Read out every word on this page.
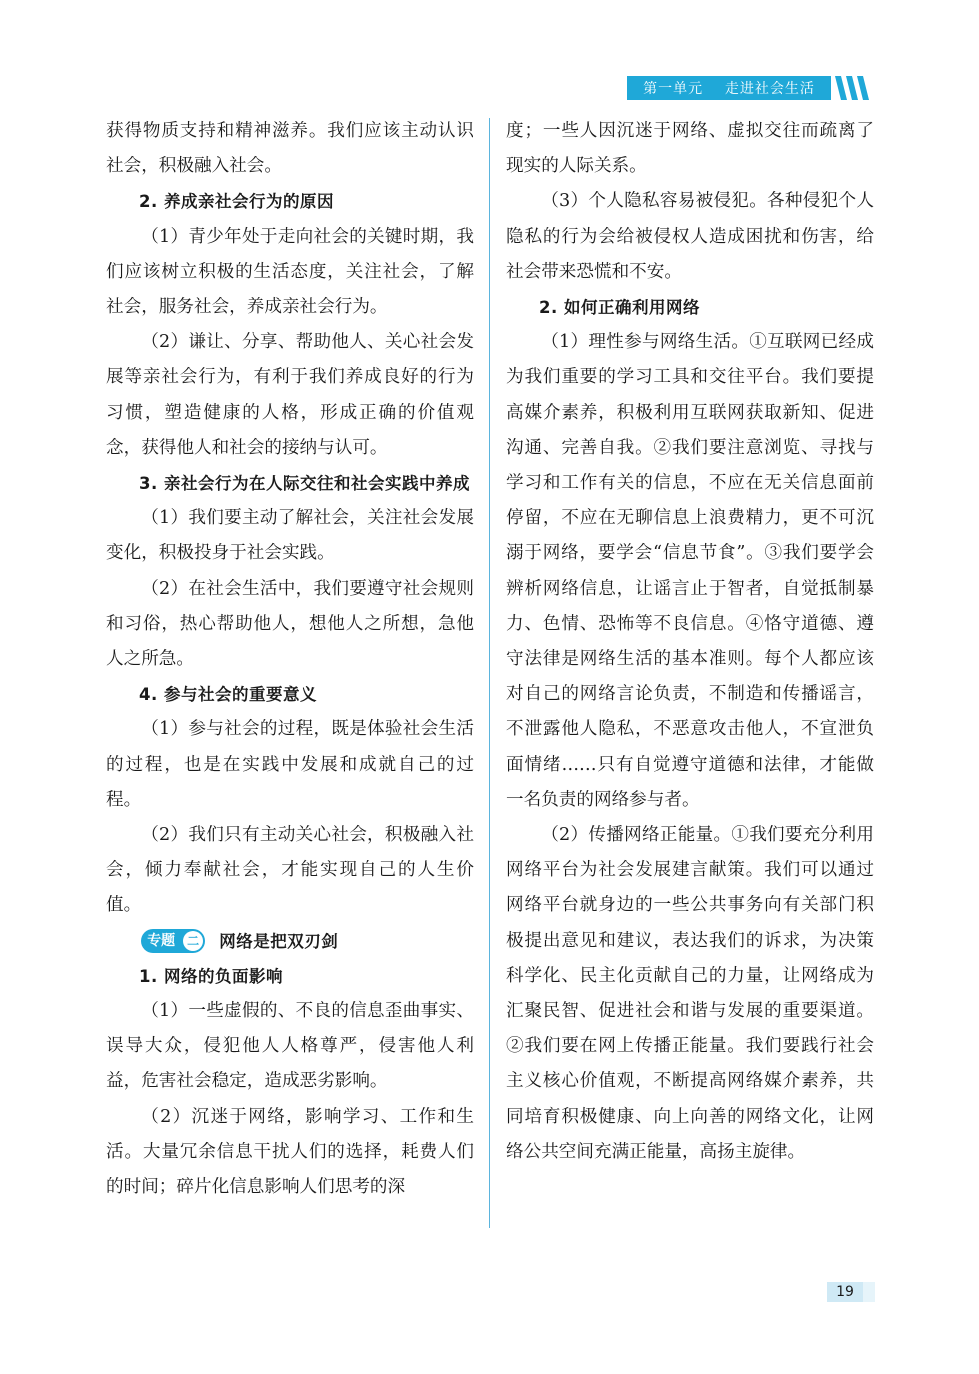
第一单元    走进社会生活

获得物质支持和精神滋养。我们应该主动认识社会，积极融入社会。

2. 养成亲社会行为的原因

（1）青少年处于走向社会的关键时期，我们应该树立积极的生活态度，关注社会，了解社会，服务社会，养成亲社会行为。

（2）谦让、分享、帮助他人、关心社会发展等亲社会行为，有利于我们养成良好的行为习惯，塑造健康的人格，形成正确的价值观念，获得他人和社会的接纳与认可。

3. 亲社会行为在人际交往和社会实践中养成

（1）我们要主动了解社会，关注社会发展变化，积极投身于社会实践。

（2）在社会生活中，我们要遵守社会规则和习俗，热心帮助他人，想他人之所想，急他人之所急。

4. 参与社会的重要意义

（1）参与社会的过程，既是体验社会生活的过程，也是在实践中发展和成就自己的过程。

（2）我们只有主动关心社会，积极融入社会，倾力奉献社会，才能实现自己的人生价值。

专题 二 网络是把双刃剑

1. 网络的负面影响

（1）一些虚假的、不良的信息歪曲事实、误导大众，侵犯他人人格尊严，侵害他人利益，危害社会稳定，造成恶劣影响。

（2）沉迷于网络，影响学习、工作和生活。大量冗余信息干扰人们的选择，耗费人们的时间；碎片化信息影响人们思考的深

度；一些人因沉迷于网络、虚拟交往而疏离了现实的人际关系。

（3）个人隐私容易被侵犯。各种侵犯个人隐私的行为会给被侵权人造成困扰和伤害，给社会带来恐慌和不安。

2. 如何正确利用网络

（1）理性参与网络生活。①互联网已经成为我们重要的学习工具和交往平台。我们要提高媒介素养，积极利用互联网获取新知、促进沟通、完善自我。②我们要注意浏览、寻找与学习和工作有关的信息，不应在无关信息面前停留，不应在无聊信息上浪费精力，更不可沉溺于网络，要学会“信息节食”。③我们要学会辨析网络信息，让谣言止于智者，自觉抵制暴力、色情、恐怖等不良信息。④恪守道德、遵守法律是网络生活的基本准则。每个人都应该对自己的网络言论负责，不制造和传播谣言，不泄露他人隐私，不恶意攻击他人，不宣泄负面情绪……只有自觉遵守道德和法律，才能做一名负责的网络参与者。

（2）传播网络正能量。①我们要充分利用网络平台为社会发展建言献策。我们可以通过网络平台就身边的一些公共事务向有关部门积极提出意见和建议，表达我们的诉求，为决策科学化、民主化贡献自己的力量，让网络成为汇聚民智、促进社会和谐与发展的重要渠道。②我们要在网上传播正能量。我们要践行社会主义核心价值观，不断提高网络媒介素养，共同培育积极健康、向上向善的网络文化，让网络公共空间充满正能量，高扬主旋律。

19
